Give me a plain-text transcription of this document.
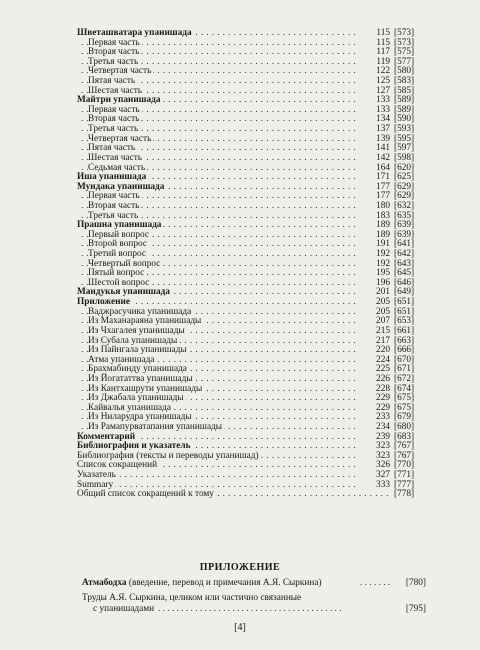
Шветашватара упанишада . . .	115 [573]
Первая часть . . .	115 [573]
Вторая часть . . .	117 [575]
Третья часть . . .	119 [577]
Четвертая часть . . .	122 [580]
Пятая часть . . .	125 [583]
Шестая часть . . .	127 [585]
Майтри упанишада . . .	133 [589]
Первая часть . . .	133 [589]
Вторая часть . . .	134 [590]
Третья часть . . .	137 [593]
Четвертая часть . . .	139 [595]
Пятая часть . . .	141 [597]
Шестая часть . . .	142 [598]
Седьмая часть . . .	164 [620]
Иша упанишада . . .	171 [625]
Мундака упанишада . . .	177 [629]
Первая часть . . .	177 [629]
Вторая часть . . .	180 [632]
Третья часть . . .	183 [635]
Прашна упанишада . . .	189 [639]
Первый вопрос . . .	189 [639]
Второй вопрос . . .	191 [641]
Третий вопрос . . .	192 [642]
Четвертый вопрос . . .	192 [643]
Пятый вопрос . . .	195 [645]
Шестой вопрос . . .	196 [646]
Мандукья упанишада . . .	201 [649]
Приложение . . .	205 [651]
Ваджрасучика упанишада . . .	205 [651]
Из Маханараяна упанишады . . .	207 [653]
Из Чхагалея упанишады . . .	215 [661]
Из Субала упанишады . . .	217 [663]
Из Пайнгала упанишады . . .	220 [666]
Атма упанишада . . .	224 [670]
Брахмабинду упанишада . . .	225 [671]
Из Йогататтва упанишады . . .	226 [672]
Из Кантхашрути упанишады . . .	228 [674]
Из Джабала упанишады . . .	229 [675]
Кайвалья упанишада . . .	229 [675]
Из Ниларудра упанишады . . .	233 [679]
Из Рамапурватапания упанишады . . .	234 [680]
Комментарий . . .	239 [683]
Библиография и указатель . . .	323 [767]
Библиография (тексты и переводы упанишад) . . .	323 [767]
Список сокращений . . .	326 [770]
Указатель . . .	327 [771]
Summary . . .	333 [777]
Общий список сокращений к тому . . .	[778]
ПРИЛОЖЕНИЕ
Атмабодха (введение, перевод и примечания А.Я. Сыркина) . . .	[780]
Труды А.Я. Сыркина, целиком или частично связанные
с упанишадами . . .	[795]
[4]
